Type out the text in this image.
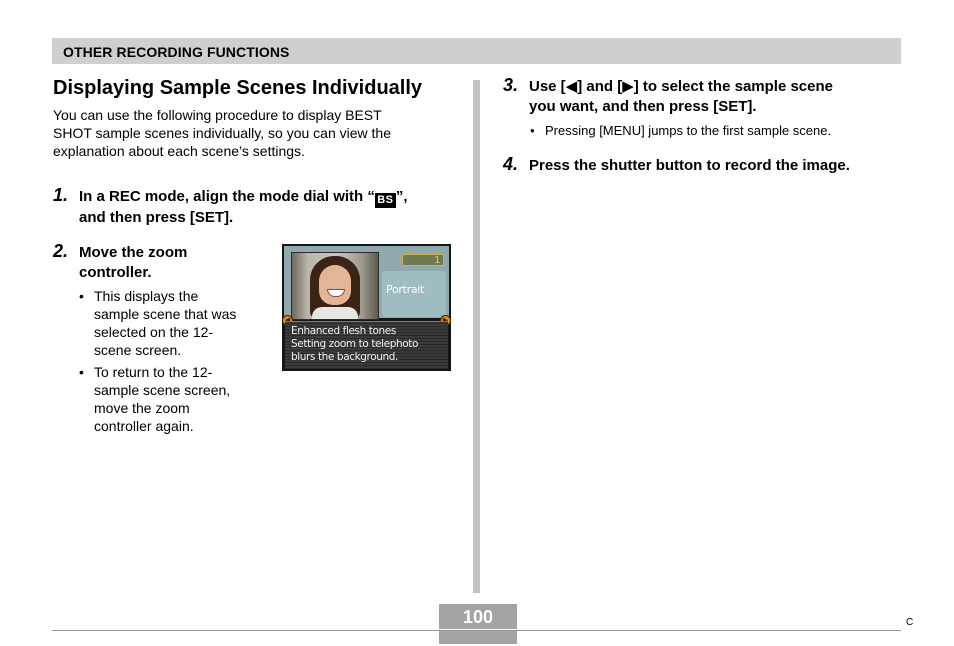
OTHER RECORDING FUNCTIONS
Displaying Sample Scenes Individually

You can use the following procedure to display BEST
SHOT sample scenes individually, so you can view the
explanation about each scene’s settings.

1. In a REC mode, align the mode dial with “ BS ”,
and then press [SET].

2. Move the zoom
controller.

• This displays the
sample scene that was
selected on the 12-
scene screen.
• To return to the 12-
sample scene screen,
move the zoom
controller again.
1
Portrait
Enhanced flesh tones
Setting zoom to telephoto
blurs the background.
3. Use [◀] and [▶] to select the sample scene
you want, and then press [SET].

• Pressing [MENU] jumps to the first sample scene.
4. Press the shutter button to record the image.

100	C
